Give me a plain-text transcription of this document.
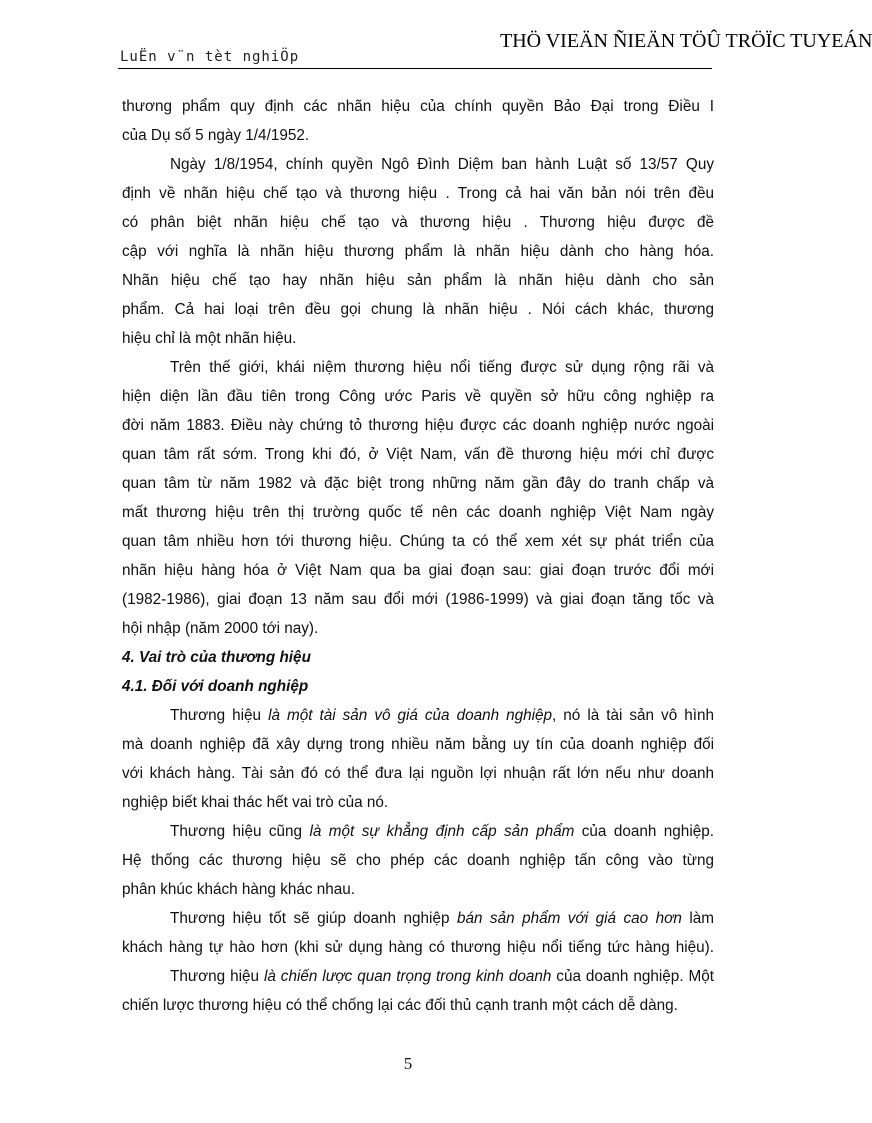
LuËn v¨n tèt nghiÖp
THÖ VIEÄN ÑIEÄN TÖÛ TRÖÏC TUYEÁN
thương phẩm quy định các nhãn hiệu của chính quyền Bảo Đại trong Điều I
của Dụ số 5 ngày 1/4/1952.
Ngày 1/8/1954, chính quyền Ngô Đình Diệm ban hành Luật số 13/57 Quy
định về nhãn hiệu chế tạo và thương hiệu . Trong cả hai văn bản nói trên đều
có phân biệt nhãn hiệu chế tạo và thương hiệu . Thương hiệu được đề
cập với nghĩa là nhãn hiệu thương phẩm là nhãn hiệu dành cho hàng hóa.
Nhãn hiệu chế tạo hay nhãn hiệu sản phẩm là nhãn hiệu dành cho sản
phẩm. Cả hai loại trên đều gọi chung là nhãn hiệu . Nói cách khác, thương
hiệu chỉ là một nhãn hiệu.
Trên thế giới, khái niệm thương hiệu nổi tiếng được sử dụng rộng rãi và
hiện diện lần đầu tiên trong Công ước Paris về quyền sở hữu công nghiệp ra
đời năm 1883. Điều này chứng tỏ thương hiệu được các doanh nghiệp nước ngoài
quan tâm rất sớm. Trong khi đó, ở Việt Nam, vấn đề thương hiệu mới chỉ được
quan tâm từ năm 1982 và đặc biệt trong những năm gần đây do tranh chấp và
mất thương hiệu trên thị trường quốc tế nên các doanh nghiệp Việt Nam ngày
quan tâm nhiều hơn tới thương hiệu. Chúng ta có thể xem xét sự phát triển của
nhãn hiệu hàng hóa ở Việt Nam qua ba giai đoạn sau: giai đoạn trước đổi mới
(1982-1986), giai đoạn 13 năm sau đổi mới (1986-1999) và giai đoạn tăng tốc và
hội nhập (năm 2000 tới nay).
4. Vai trò của thương hiệu
4.1. Đối với doanh nghiệp
Thương hiệu là một tài sản vô giá của doanh nghiệp, nó là tài sản vô hình
mà doanh nghiệp đã xây dựng trong nhiều năm bằng uy tín của doanh nghiệp đối
với khách hàng. Tài sản đó có thể đưa lại nguồn lợi nhuận rất lớn nếu như doanh
nghiệp biết khai thác hết vai trò của nó.
Thương hiệu cũng là một sự khẳng định cấp sản phẩm của doanh nghiệp.
Hệ thống các thương hiệu sẽ cho phép các doanh nghiệp tấn công vào từng
phân khúc khách hàng khác nhau.
Thương hiệu tốt sẽ giúp doanh nghiệp bán sản phẩm với giá cao hơn làm
khách hàng tự hào hơn (khi sử dụng hàng có thương hiệu nổi tiếng tức hàng hiệu).
Thương hiệu là chiến lược quan trọng trong kinh doanh của doanh nghiệp. Một
chiến lược thương hiệu có thể chống lại các đối thủ cạnh tranh một cách dễ dàng.
5
